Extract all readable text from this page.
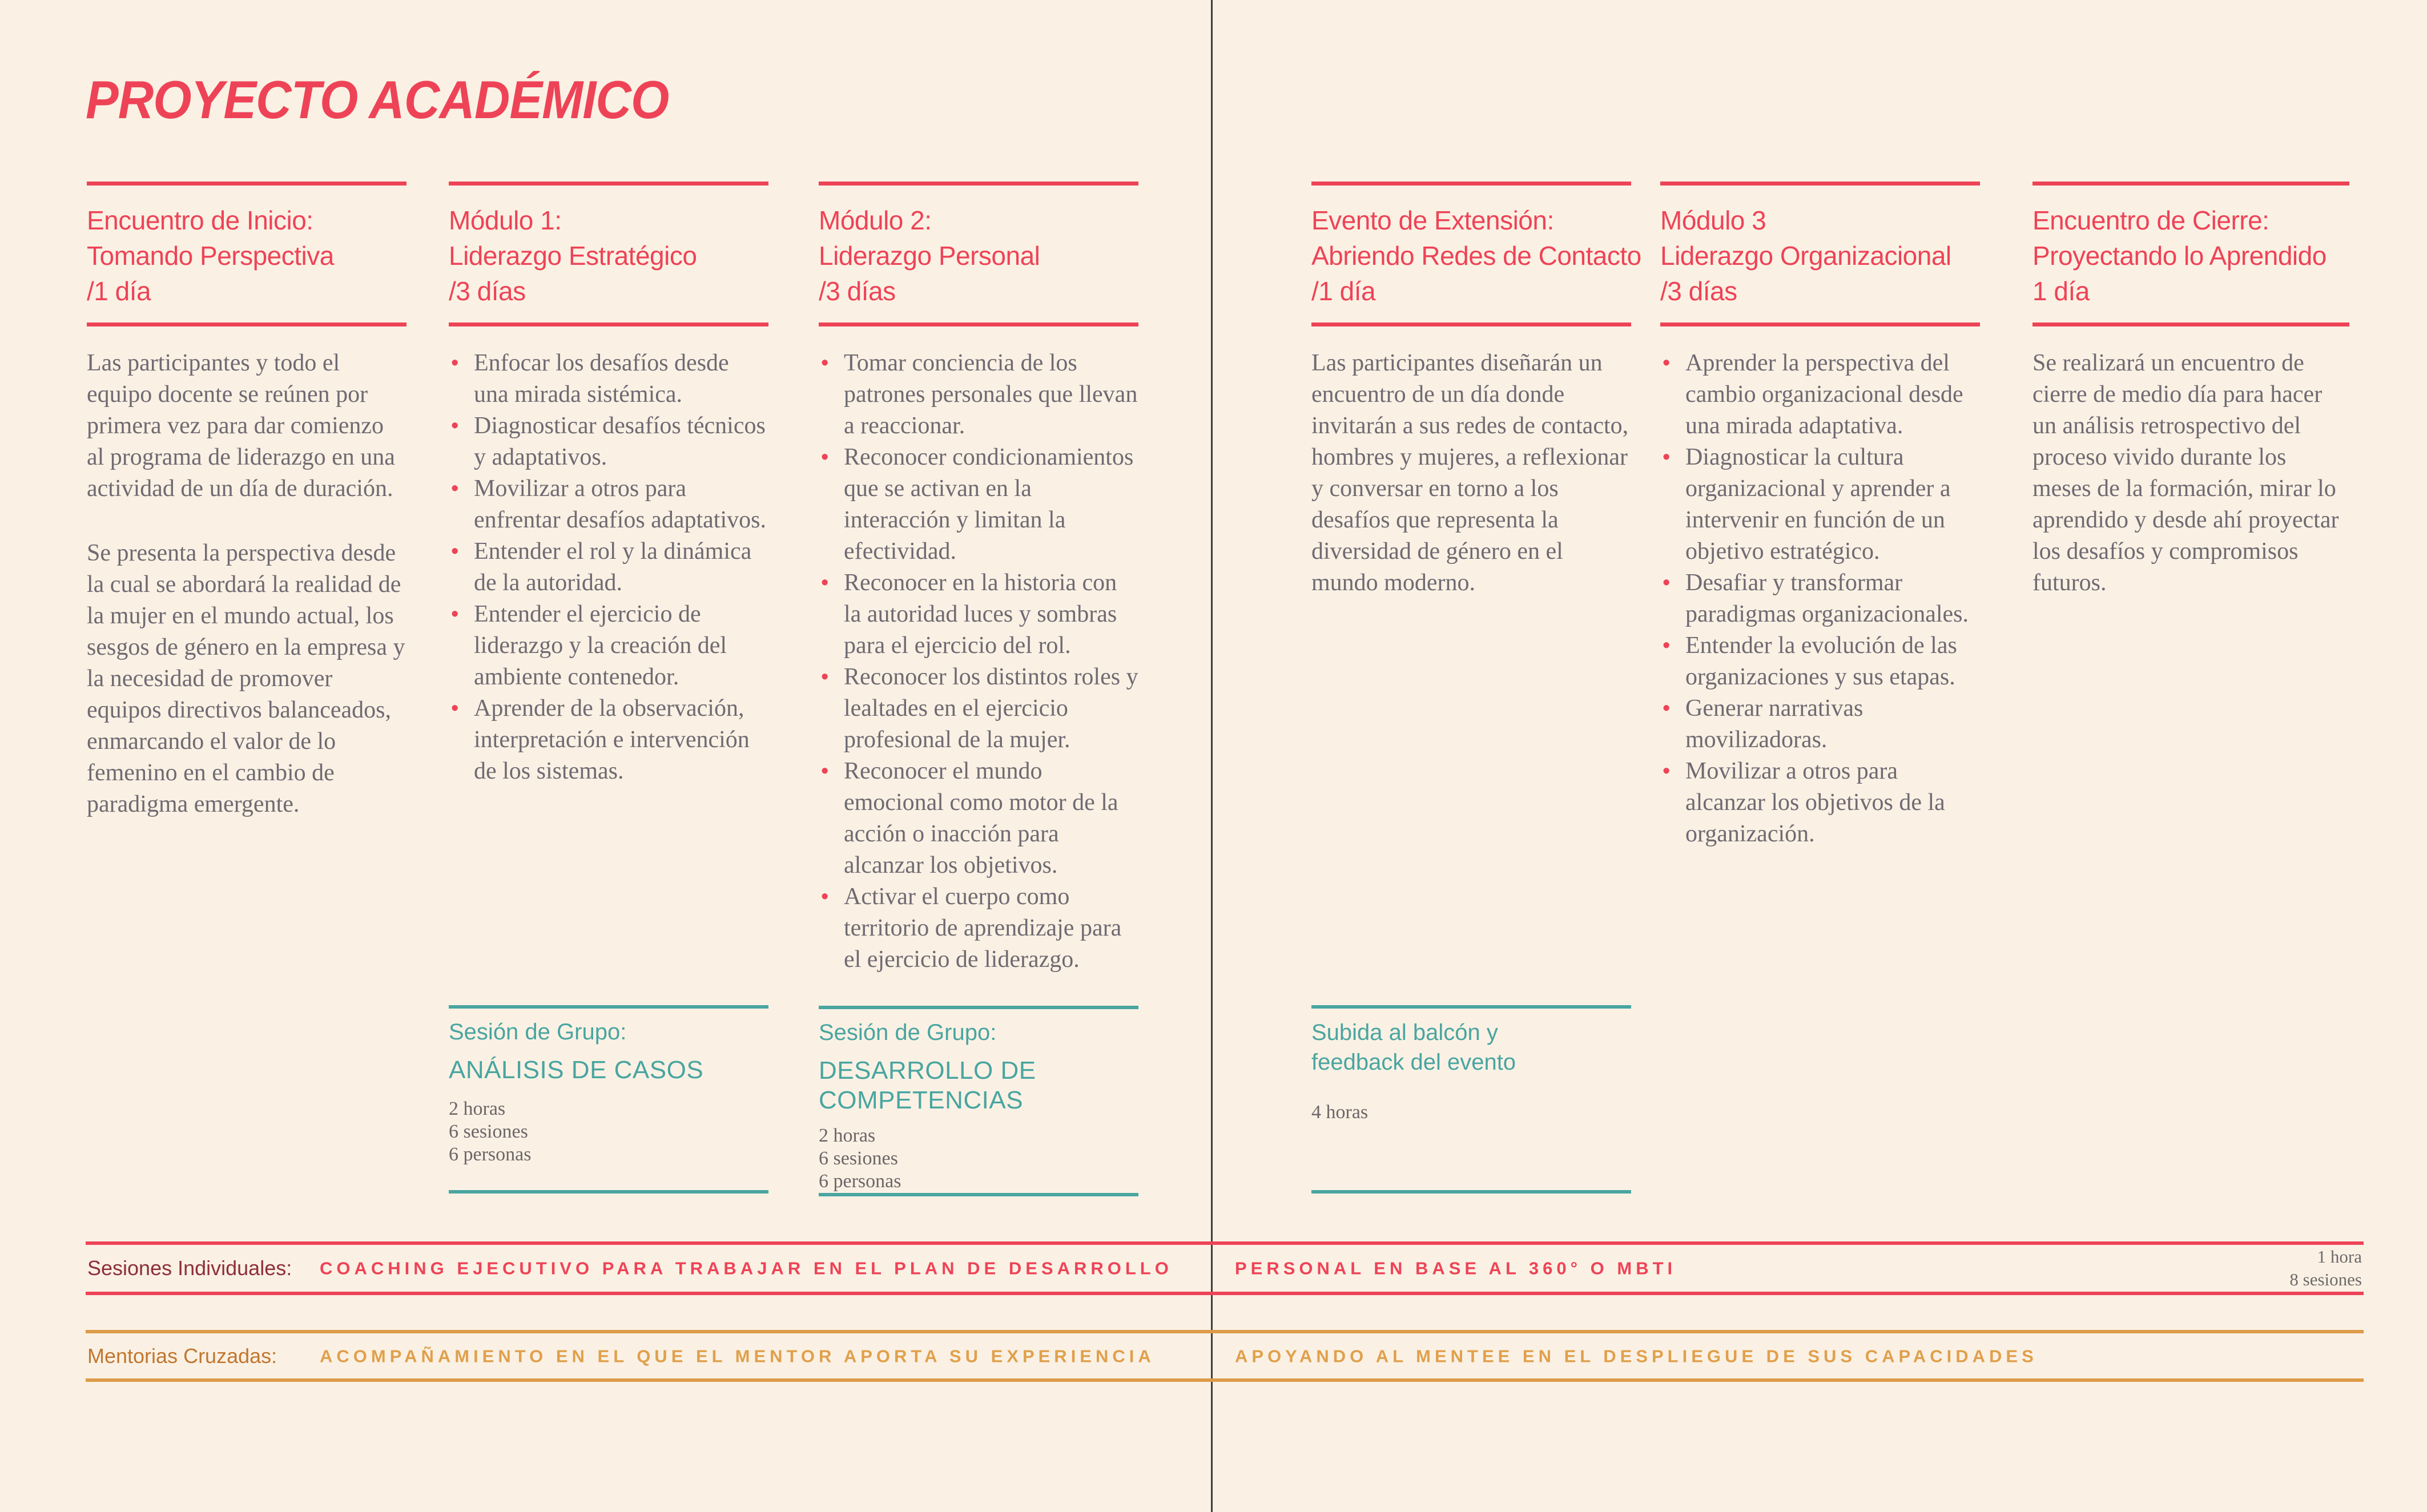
PROYECTO ACADÉMICO
Encuentro de Inicio:
Tomando Perspectiva
/1 día

Las participantes y todo el equipo docente se reúnen por primera vez para dar comienzo al programa de liderazgo en una actividad de un día de duración.

Se presenta la perspectiva desde la cual se abordará la realidad de la mujer en el mundo actual, los sesgos de género en la empresa y la necesidad de promover equipos directivos balanceados, enmarcando el valor de lo femenino en el cambio de paradigma emergente.

Módulo 1:
Liderazgo Estratégico
/3 días
• Enfocar los desafíos desde una mirada sistémica.
• Diagnosticar desafíos técnicos y adaptativos.
• Movilizar a otros para enfrentar desafíos adaptativos.
• Entender el rol y la dinámica de la autoridad.
• Entender el ejercicio de liderazgo y la creación del ambiente contenedor.
• Aprender de la observación, interpretación e intervención de los sistemas.
Módulo 2:
Liderazgo Personal
/3 días
• Tomar conciencia de los patrones personales que llevan a reaccionar.
• Reconocer condicionamientos que se activan en la interacción y limitan la efectividad.
• Reconocer en la historia con la autoridad luces y sombras para el ejercicio del rol.
• Reconocer los distintos roles y lealtades en el ejercicio profesional de la mujer.
• Reconocer el mundo emocional como motor de la acción o inacción para alcanzar los objetivos.
• Activar el cuerpo como territorio de aprendizaje para el ejercicio de liderazgo.
Evento de Extensión:
Abriendo Redes de Contacto
/1 día

Las participantes diseñarán un encuentro de un día donde invitarán a sus redes de contacto, hombres y mujeres, a reflexionar y conversar en torno a los desafíos que representa la diversidad de género en el mundo moderno.

Módulo 3
Liderazgo Organizacional
/3 días
• Aprender la perspectiva del cambio organizacional desde una mirada adaptativa.
• Diagnosticar la cultura organizacional y aprender a intervenir en función de un objetivo estratégico.
• Desafiar y transformar paradigmas organizacionales.
• Entender la evolución de las organizaciones y sus etapas.
• Generar narrativas movilizadoras.
• Movilizar a otros para alcanzar los objetivos de la organización.
Encuentro de Cierre:
Proyectando lo Aprendido
1 día

Se realizará un encuentro de cierre de medio día para hacer un análisis retrospectivo del proceso vivido durante los meses de la formación, mirar lo aprendido y desde ahí proyectar los desafíos y compromisos futuros.

Sesión de Grupo:
ANÁLISIS DE CASOS
2 horas
6 sesiones
6 personas
Sesión de Grupo:
DESARROLLO DE COMPETENCIAS
2 horas
6 sesiones
6 personas
Subida al balcón y
feedback del evento
4 horas
Sesiones Individuales: COACHING EJECUTIVO PARA TRABAJAR EN EL PLAN DE DESARROLLO	PERSONAL EN BASE AL 360° O MBTI
1 hora
8 sesiones
Mentorias Cruzadas: ACOMPAÑAMIENTO EN EL QUE EL MENTOR APORTA SU EXPERIENCIA	APOYANDO AL MENTEE EN EL DESPLIEGUE DE SUS CAPACIDADES
